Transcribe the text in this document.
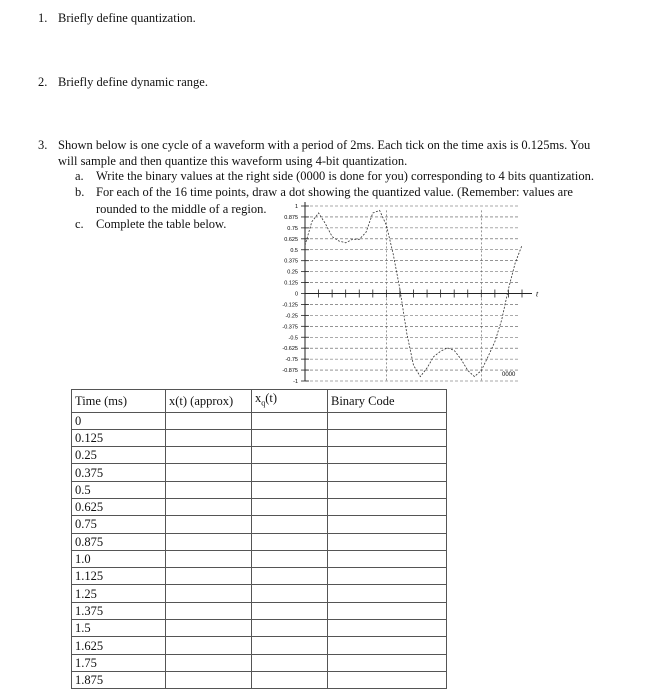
1. Briefly define quantization.
2. Briefly define dynamic range.
3. Shown below is one cycle of a waveform with a period of 2ms. Each tick on the time axis is 0.125ms. You
will sample and then quantize this waveform using 4-bit quantization.
a. Write the binary values at the right side (0000 is done for you) corresponding to 4 bits quantization.
b. For each of the 16 time points, draw a dot showing the quantized value. (Remember: values are
rounded to the middle of a region.
c. Complete the table below.
1
0.875
0.75
0.625
0.5
0.375
0.25
0.125
0
-0.125
-0.25
-0.375
-0.5
-0.625
-0.75
-0.875
-1
t
0000
Time (ms)	x(t) (approx)	$x_q(t)$	Binary Code
0			
0.125			
0.25			
0.375			
0.5			
0.625			
0.75			
0.875			
1.0			
1.125			
1.25			
1.375			
1.5			
1.625			
1.75			
1.875			
